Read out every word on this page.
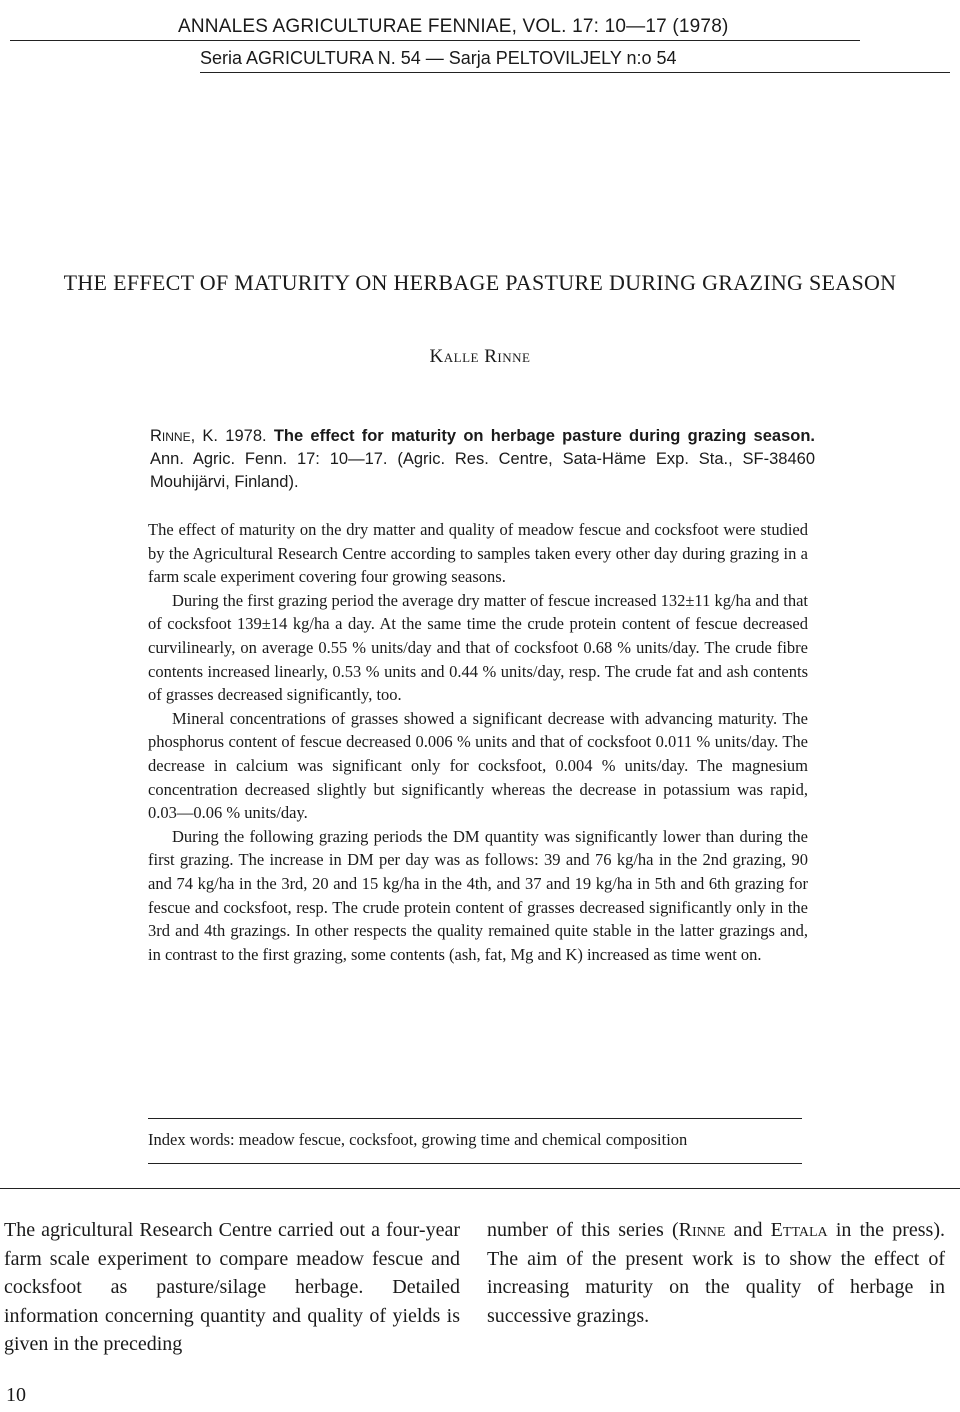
ANNALES AGRICULTURAE FENNIAE, VOL. 17: 10—17 (1978)
Seria AGRICULTURA N. 54 — Sarja PELTOVILJELY n:o 54
THE EFFECT OF MATURITY ON HERBAGE PASTURE DURING GRAZING SEASON
Kalle Rinne
Rinne, K. 1978. The effect for maturity on herbage pasture during grazing season. Ann. Agric. Fenn. 17: 10—17. (Agric. Res. Centre, Sata-Häme Exp. Sta., SF-38460 Mouhijärvi, Finland).

The effect of maturity on the dry matter and quality of meadow fescue and cocksfoot were studied by the Agricultural Research Centre according to samples taken every other day during grazing in a farm scale experiment covering four growing seasons.

During the first grazing period the average dry matter of fescue increased 132±11 kg/ha and that of cocksfoot 139±14 kg/ha a day. At the same time the crude protein content of fescue decreased curvilinearly, on average 0.55 % units/day and that of cocksfoot 0.68 % units/day. The crude fibre contents increased linearly, 0.53 % units and 0.44 % units/day, resp. The crude fat and ash contents of grasses decreased significantly, too.

Mineral concentrations of grasses showed a significant decrease with advancing maturity. The phosphorus content of fescue decreased 0.006 % units and that of cocksfoot 0.011 % units/day. The decrease in calcium was significant only for cocksfoot, 0.004 % units/day. The magnesium concentration decreased slightly but significantly whereas the decrease in potassium was rapid, 0.03—0.06 % units/day.

During the following grazing periods the DM quantity was significantly lower than during the first grazing. The increase in DM per day was as follows: 39 and 76 kg/ha in the 2nd grazing, 90 and 74 kg/ha in the 3rd, 20 and 15 kg/ha in the 4th, and 37 and 19 kg/ha in 5th and 6th grazing for fescue and cocksfoot, resp. The crude protein content of grasses decreased significantly only in the 3rd and 4th grazings. In other respects the quality remained quite stable in the latter grazings and, in contrast to the first grazing, some contents (ash, fat, Mg and K) increased as time went on.

Index words: meadow fescue, cocksfoot, growing time and chemical composition
The agricultural Research Centre carried out a four-year farm scale experiment to compare meadow fescue and cocksfoot as pasture/silage herbage. Detailed information concerning quantity and quality of yields is given in the preceding
number of this series (Rinne and Ettala in the press). The aim of the present work is to show the effect of increasing maturity on the quality of herbage in successive grazings.
10
